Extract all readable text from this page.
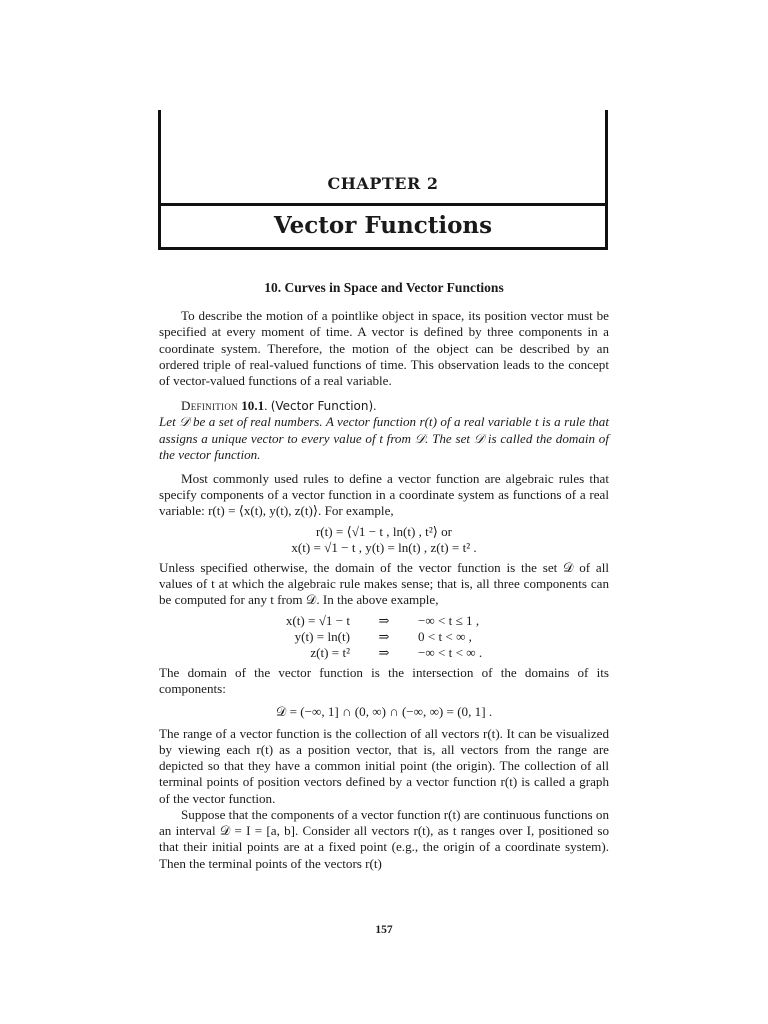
CHAPTER 2
Vector Functions
10. Curves in Space and Vector Functions

To describe the motion of a pointlike object in space, its position vector must be specified at every moment of time. A vector is defined by three components in a coordinate system. Therefore, the motion of the object can be described by an ordered triple of real-valued functions of time. This observation leads to the concept of vector-valued functions of a real variable.

Definition 10.1. (Vector Function).

Let 𝒟 be a set of real numbers. A vector function r(t) of a real variable t is a rule that assigns a unique vector to every value of t from 𝒟. The set 𝒟 is called the domain of the vector function.

Most commonly used rules to define a vector function are algebraic rules that specify components of a vector function in a coordinate system as functions of a real variable: r(t) = ⟨x(t), y(t), z(t)⟩. For example,

r(t) = ⟨√1 − t , ln(t) , t²⟩ or

x(t) = √1 − t , y(t) = ln(t) , z(t) = t² .

Unless specified otherwise, the domain of the vector function is the set 𝒟 of all values of t at which the algebraic rule makes sense; that is, all three components can be computed for any t from 𝒟. In the above example,

x(t) = √1 − t	⇒	−∞ < t ≤ 1 ,
y(t) = ln(t)	⇒	0 < t < ∞ ,
z(t) = t²	⇒	−∞ < t < ∞ .

The domain of the vector function is the intersection of the domains of its components:

𝒟 = (−∞, 1] ∩ (0, ∞) ∩ (−∞, ∞) = (0, 1] .

The range of a vector function is the collection of all vectors r(t). It can be visualized by viewing each r(t) as a position vector, that is, all vectors from the range are depicted so that they have a common initial point (the origin). The collection of all terminal points of position vectors defined by a vector function r(t) is called a graph of the vector function.

Suppose that the components of a vector function r(t) are continuous functions on an interval 𝒟 = I = [a, b]. Consider all vectors r(t), as t ranges over I, positioned so that their initial points are at a fixed point (e.g., the origin of a coordinate system). Then the terminal points of the vectors r(t)

157
